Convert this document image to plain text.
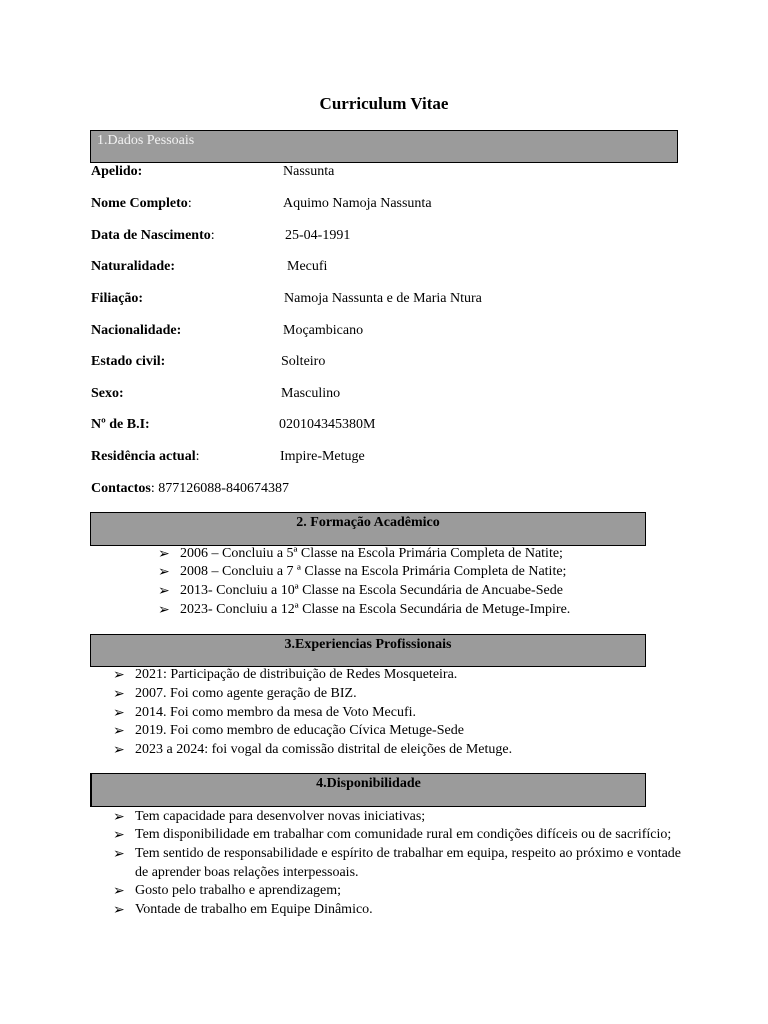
Curriculum Vitae
1.Dados Pessoais
Apelido:	Nassunta
Nome Completo:	Aquimo Namoja Nassunta
Data de Nascimento:	25-04-1991
Naturalidade:	Mecufi
Filiação:	Namoja Nassunta e de Maria Ntura
Nacionalidade:	Moçambicano
Estado civil:	Solteiro
Sexo:	Masculino
Nº de B.I:	020104345380M
Residência actual:	Impire-Metuge
Contactos: 877126088-840674387
2. Formação Acadêmico
➢ 2006 – Concluiu a 5ª Classe na Escola Primária Completa de Natite;
➢ 2008 – Concluiu a 7 ª Classe na Escola Primária Completa de Natite;
➢ 2013- Concluiu a 10ª Classe na Escola Secundária de Ancuabe-Sede
➢ 2023- Concluiu a 12ª Classe na Escola Secundária de Metuge-Impire.
3.Experiencias Profissionais
➢ 2021: Participação de distribuição de Redes Mosqueteira.
➢ 2007. Foi como agente geração de BIZ.
➢ 2014. Foi como membro da mesa de Voto Mecufi.
➢ 2019. Foi como membro de educação Cívica Metuge-Sede
➢ 2023 a 2024: foi vogal da comissão distrital de eleições de Metuge.
4.Disponibilidade
➢ Tem capacidade para desenvolver novas iniciativas;
➢ Tem disponibilidade em trabalhar com comunidade rural em condições difíceis ou de sacrifício;
➢ Tem sentido de responsabilidade e espírito de trabalhar em equipa, respeito ao próximo e vontade
de aprender boas relações interpessoais.
➢ Gosto pelo trabalho e aprendizagem;
➢ Vontade de trabalho em Equipe Dinâmico.
